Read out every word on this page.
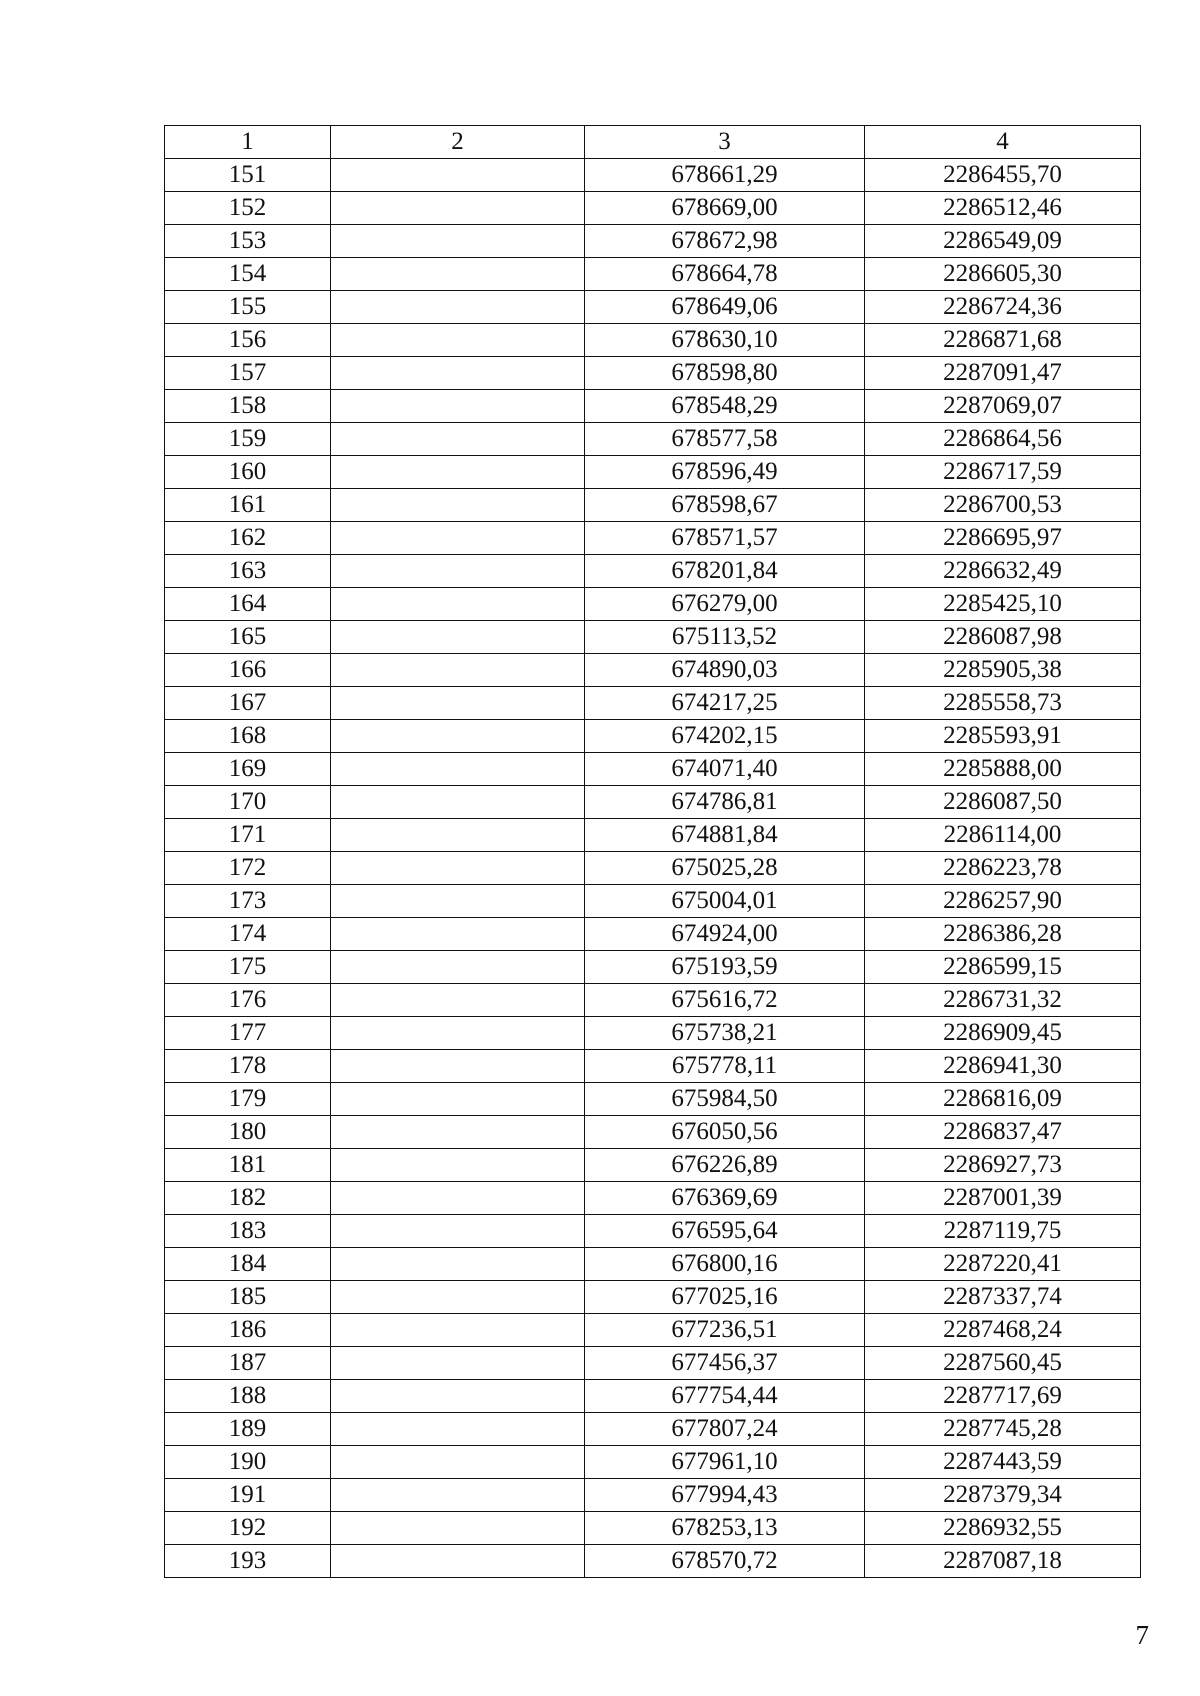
1	2	3	4
151		678661,29	2286455,70
152		678669,00	2286512,46
153		678672,98	2286549,09
154		678664,78	2286605,30
155		678649,06	2286724,36
156		678630,10	2286871,68
157		678598,80	2287091,47
158		678548,29	2287069,07
159		678577,58	2286864,56
160		678596,49	2286717,59
161		678598,67	2286700,53
162		678571,57	2286695,97
163		678201,84	2286632,49
164		676279,00	2285425,10
165		675113,52	2286087,98
166		674890,03	2285905,38
167		674217,25	2285558,73
168		674202,15	2285593,91
169		674071,40	2285888,00
170		674786,81	2286087,50
171		674881,84	2286114,00
172		675025,28	2286223,78
173		675004,01	2286257,90
174		674924,00	2286386,28
175		675193,59	2286599,15
176		675616,72	2286731,32
177		675738,21	2286909,45
178		675778,11	2286941,30
179		675984,50	2286816,09
180		676050,56	2286837,47
181		676226,89	2286927,73
182		676369,69	2287001,39
183		676595,64	2287119,75
184		676800,16	2287220,41
185		677025,16	2287337,74
186		677236,51	2287468,24
187		677456,37	2287560,45
188		677754,44	2287717,69
189		677807,24	2287745,28
190		677961,10	2287443,59
191		677994,43	2287379,34
192		678253,13	2286932,55
193		678570,72	2287087,18
7
